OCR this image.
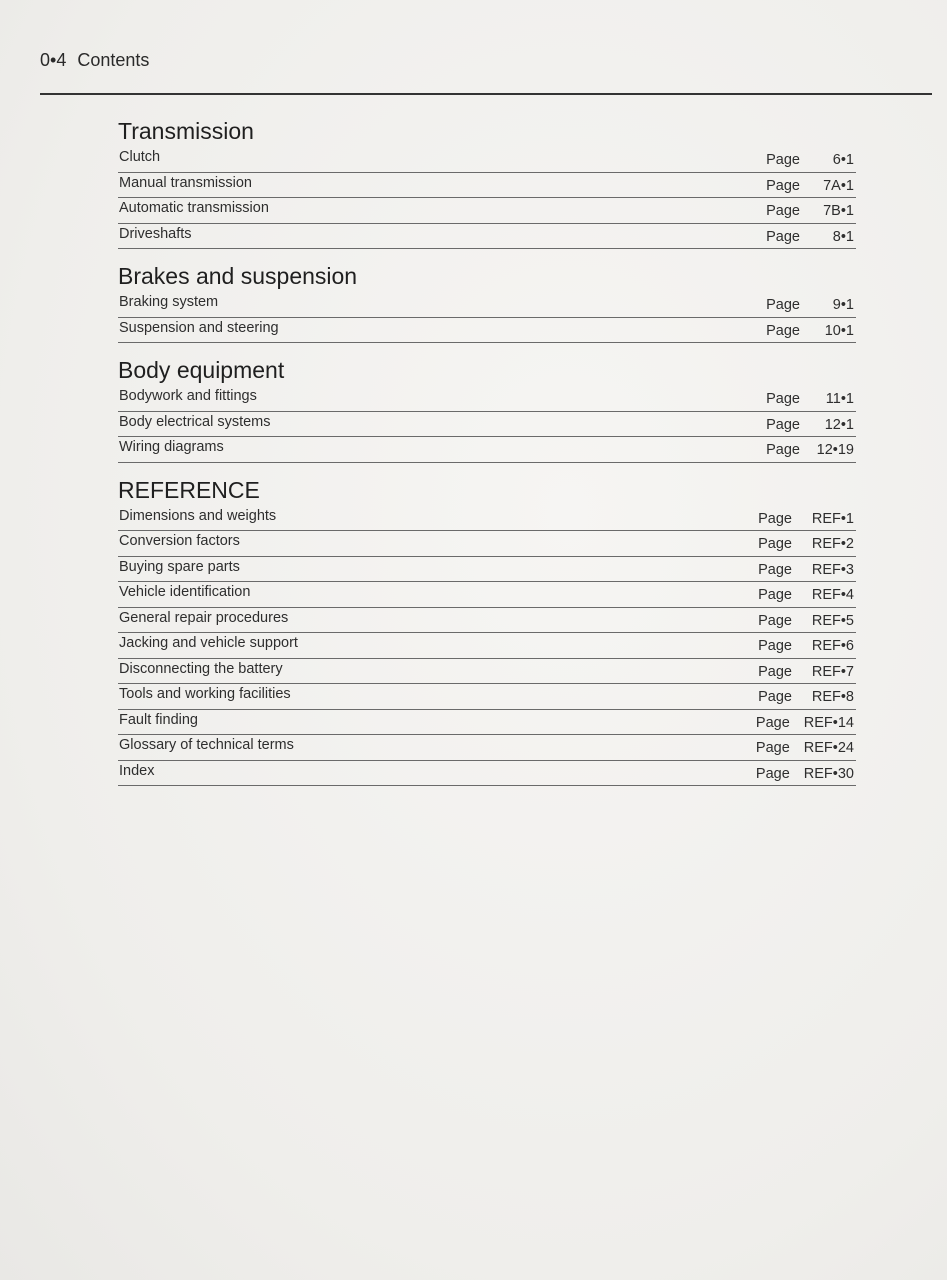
0•4 Contents
Transmission
Clutch	Page 6•1
Manual transmission	Page 7A•1
Automatic transmission	Page 7B•1
Driveshafts	Page 8•1
Brakes and suspension
Braking system	Page 9•1
Suspension and steering	Page 10•1
Body equipment
Bodywork and fittings	Page 11•1
Body electrical systems	Page 12•1
Wiring diagrams	Page 12•19
REFERENCE
Dimensions and weights	Page REF•1
Conversion factors	Page REF•2
Buying spare parts	Page REF•3
Vehicle identification	Page REF•4
General repair procedures	Page REF•5
Jacking and vehicle support	Page REF•6
Disconnecting the battery	Page REF•7
Tools and working facilities	Page REF•8
Fault finding	Page REF•14
Glossary of technical terms	Page REF•24
Index	Page REF•30
